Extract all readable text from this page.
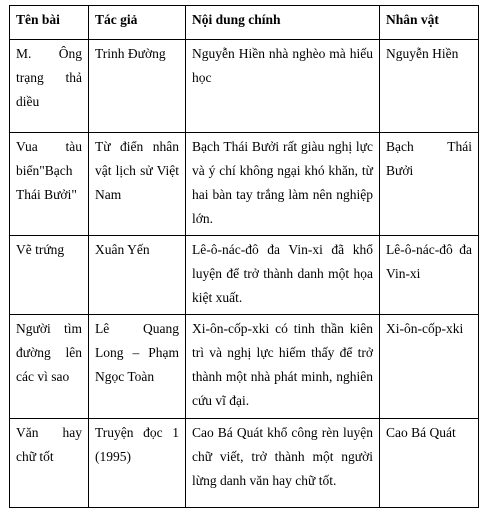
Tên bài	Tác giả	Nội dung chính	Nhân vật
M. Ông trạng thả diều	Trinh Đường	Nguyễn Hiền nhà nghèo mà hiếu học	Nguyễn Hiền
Vua tàu biển"Bạch Thái Bưởi"	Từ điển nhân vật lịch sử Việt Nam	Bạch Thái Bưởi rất giàu nghị lực và ý chí không ngại khó khăn, từ hai bàn tay trắng làm nên nghiệp lớn.	Bạch Thái Bưởi
Vẽ trứng	Xuân Yến	Lê-ô-nác-đô đa Vin-xi đã khổ luyện để trở thành danh một họa kiệt xuất.	Lê-ô-nác-đô đa Vin-xi
Người tìm đường lên các vì sao	Lê Quang Long – Phạm Ngọc Toàn	Xi-ôn-cốp-xki có tinh thần kiên trì và nghị lực hiếm thấy để trở thành một nhà phát minh, nghiên cứu vĩ đại.	Xi-ôn-cốp-xki
Văn hay chữ tốt	Truyện đọc 1 (1995)	Cao Bá Quát khổ công rèn luyện chữ viết, trở thành một người lừng danh văn hay chữ tốt.	Cao Bá Quát
